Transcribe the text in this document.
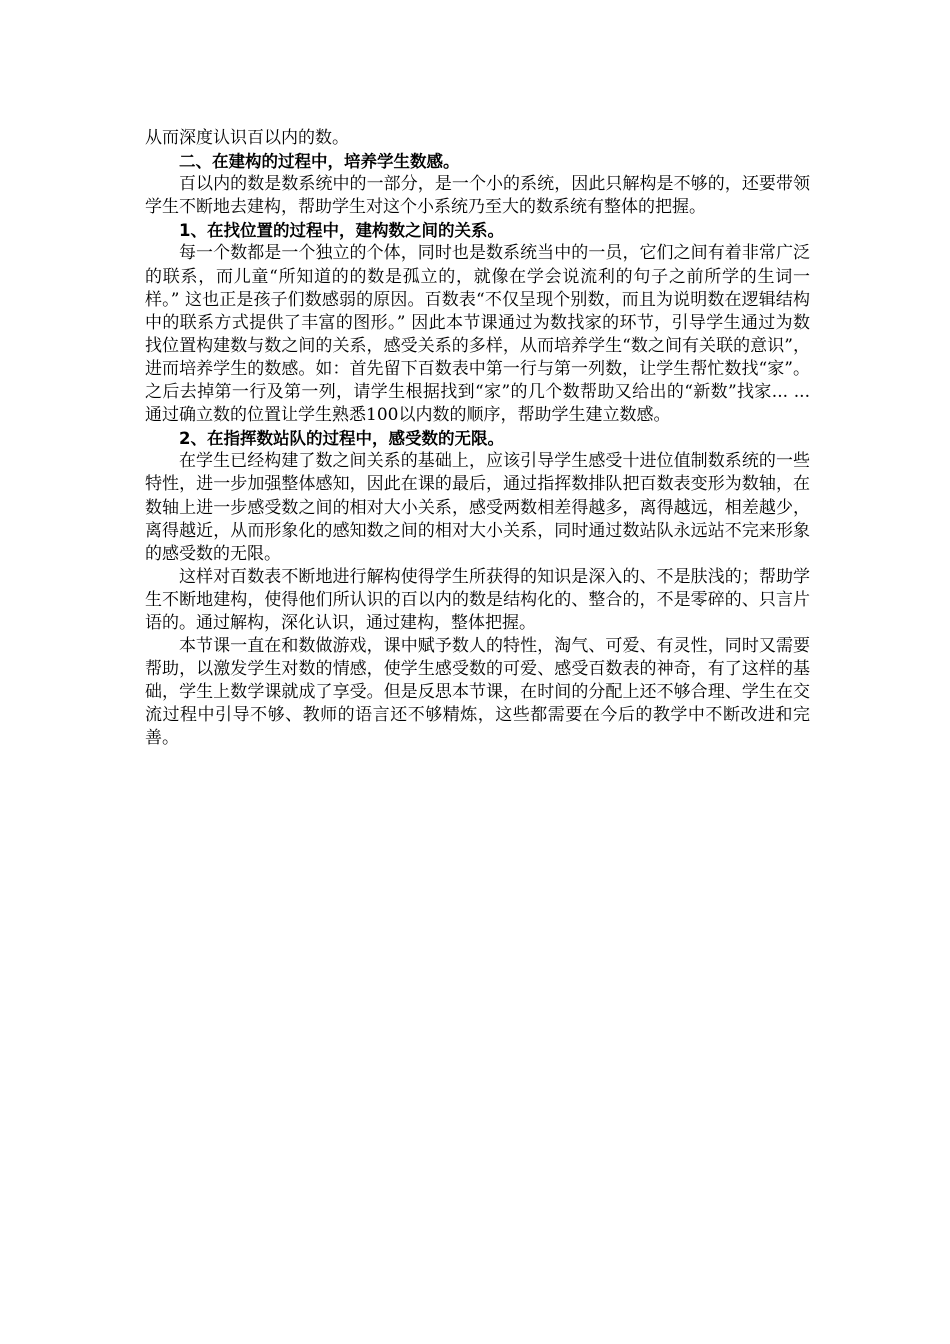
从而深度认识百以内的数。

二、在建构的过程中，培养学生数感。

百以内的数是数系统中的一部分，是一个小的系统，因此只解构是不够的，还要带领学生不断地去建构，帮助学生对这个小系统乃至大的数系统有整体的把握。

1、在找位置的过程中，建构数之间的关系。

每一个数都是一个独立的个体，同时也是数系统当中的一员，它们之间有着非常广泛的联系，而儿童“所知道的的数是孤立的，就像在学会说流利的句子之前所学的生词一样。” 这也正是孩子们数感弱的原因。百数表“不仅呈现个别数，而且为说明数在逻辑结构中的联系方式提供了丰富的图形。” 因此本节课通过为数找家的环节，引导学生通过为数找位置构建数与数之间的关系，感受关系的多样，从而培养学生“数之间有关联的意识”，进而培养学生的数感。如：首先留下百数表中第一行与第一列数，让学生帮忙数找“家”。之后去掉第一行及第一列，请学生根据找到“家”的几个数帮助又给出的“新数”找家... ...通过确立数的位置让学生熟悉100以内数的顺序，帮助学生建立数感。

2、在指挥数站队的过程中，感受数的无限。

在学生已经构建了数之间关系的基础上，应该引导学生感受十进位值制数系统的一些特性，进一步加强整体感知，因此在课的最后，通过指挥数排队把百数表变形为数轴，在数轴上进一步感受数之间的相对大小关系，感受两数相差得越多，离得越远，相差越少，离得越近，从而形象化的感知数之间的相对大小关系，同时通过数站队永远站不完来形象的感受数的无限。

这样对百数表不断地进行解构使得学生所获得的知识是深入的、不是肤浅的；帮助学生不断地建构，使得他们所认识的百以内的数是结构化的、整合的，不是零碎的、只言片语的。通过解构，深化认识，通过建构，整体把握。

本节课一直在和数做游戏，课中赋予数人的特性，淘气、可爱、有灵性，同时又需要帮助，以激发学生对数的情感，使学生感受数的可爱、感受百数表的神奇，有了这样的基础，学生上数学课就成了享受。但是反思本节课，在时间的分配上还不够合理、学生在交流过程中引导不够、教师的语言还不够精炼，这些都需要在今后的教学中不断改进和完善。
